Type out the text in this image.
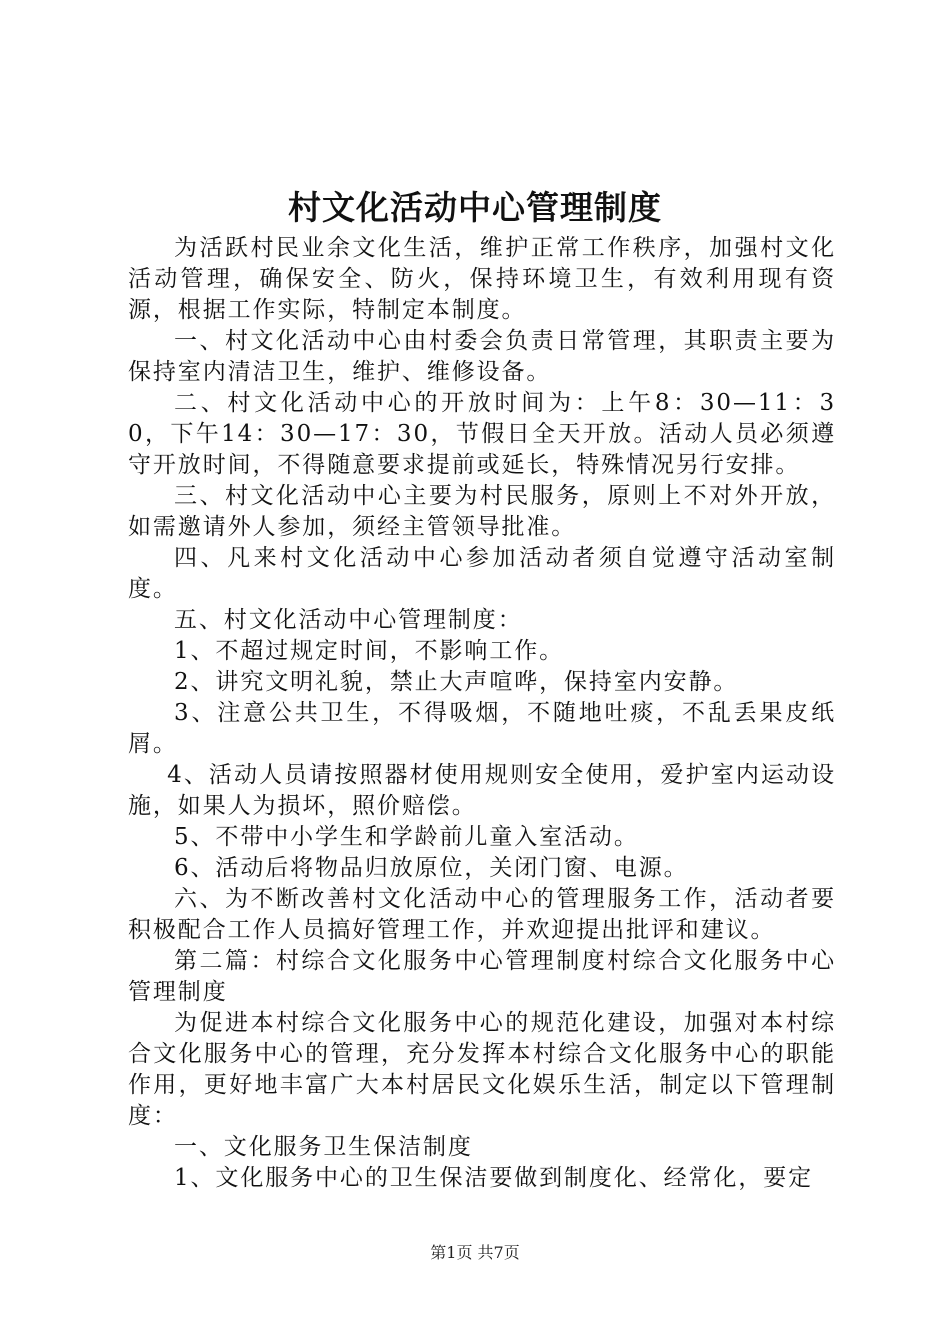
村文化活动中心管理制度

为活跃村民业余文化生活，维护正常工作秩序，加强村文化活动管理，确保安全、防火，保持环境卫生，有效利用现有资源，根据工作实际，特制定本制度。

一、村文化活动中心由村委会负责日常管理，其职责主要为保持室内清洁卫生，维护、维修设备。

二、村文化活动中心的开放时间为：上午8：30—11：30，下午14：30—17：30，节假日全天开放。活动人员必须遵守开放时间，不得随意要求提前或延长，特殊情况另行安排。

三、村文化活动中心主要为村民服务，原则上不对外开放，如需邀请外人参加，须经主管领导批准。

四、凡来村文化活动中心参加活动者须自觉遵守活动室制度。

五、村文化活动中心管理制度：

1、不超过规定时间，不影响工作。

2、讲究文明礼貌，禁止大声喧哗，保持室内安静。

3、注意公共卫生，不得吸烟，不随地吐痰，不乱丢果皮纸屑。

4、活动人员请按照器材使用规则安全使用，爱护室内运动设施，如果人为损坏，照价赔偿。

5、不带中小学生和学龄前儿童入室活动。

6、活动后将物品归放原位，关闭门窗、电源。

六、为不断改善村文化活动中心的管理服务工作，活动者要积极配合工作人员搞好管理工作，并欢迎提出批评和建议。

第二篇：村综合文化服务中心管理制度村综合文化服务中心管理制度

为促进本村综合文化服务中心的规范化建设，加强对本村综合文化服务中心的管理，充分发挥本村综合文化服务中心的职能作用，更好地丰富广大本村居民文化娱乐生活，制定以下管理制度：

一、文化服务卫生保洁制度

1、文化服务中心的卫生保洁要做到制度化、经常化，要定

第1页 共7页
